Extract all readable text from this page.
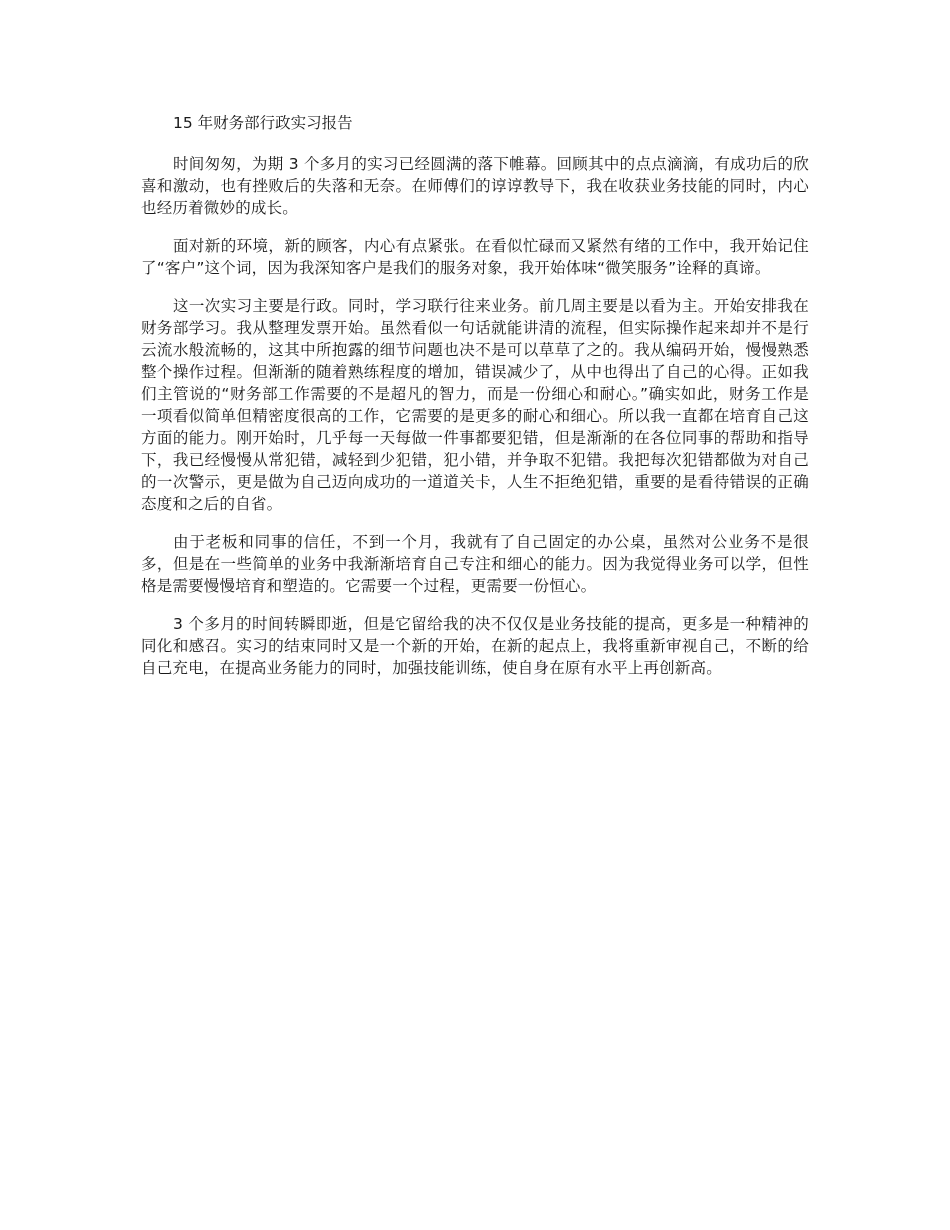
15 年财务部行政实习报告

时间匆匆，为期 3 个多月的实习已经圆满的落下帷幕。回顾其中的点点滴滴，有成功后的欣喜和激动，也有挫败后的失落和无奈。在师傅们的谆谆教导下，我在收获业务技能的同时，内心也经历着微妙的成长。

面对新的环境，新的顾客，内心有点紧张。在看似忙碌而又紧然有绪的工作中，我开始记住了“客户”这个词，因为我深知客户是我们的服务对象，我开始体味“微笑服务”诠释的真谛。

这一次实习主要是行政。同时，学习联行往来业务。前几周主要是以看为主。开始安排我在财务部学习。我从整理发票开始。虽然看似一句话就能讲清的流程，但实际操作起来却并不是行云流水般流畅的，这其中所抱露的细节问题也决不是可以草草了之的。我从编码开始，慢慢熟悉整个操作过程。但渐渐的随着熟练程度的增加，错误减少了，从中也得出了自己的心得。正如我们主管说的“财务部工作需要的不是超凡的智力，而是一份细心和耐心。”确实如此，财务工作是一项看似简单但精密度很高的工作，它需要的是更多的耐心和细心。所以我一直都在培育自己这方面的能力。刚开始时，几乎每一天每做一件事都要犯错，但是渐渐的在各位同事的帮助和指导下，我已经慢慢从常犯错，减轻到少犯错，犯小错，并争取不犯错。我把每次犯错都做为对自己的一次警示，更是做为自己迈向成功的一道道关卡，人生不拒绝犯错，重要的是看待错误的正确态度和之后的自省。

由于老板和同事的信任，不到一个月，我就有了自己固定的办公桌，虽然对公业务不是很多，但是在一些简单的业务中我渐渐培育自己专注和细心的能力。因为我觉得业务可以学，但性格是需要慢慢培育和塑造的。它需要一个过程，更需要一份恒心。

3 个多月的时间转瞬即逝，但是它留给我的决不仅仅是业务技能的提高，更多是一种精神的同化和感召。实习的结束同时又是一个新的开始，在新的起点上，我将重新审视自己，不断的给自己充电，在提高业务能力的同时，加强技能训练，使自身在原有水平上再创新高。
